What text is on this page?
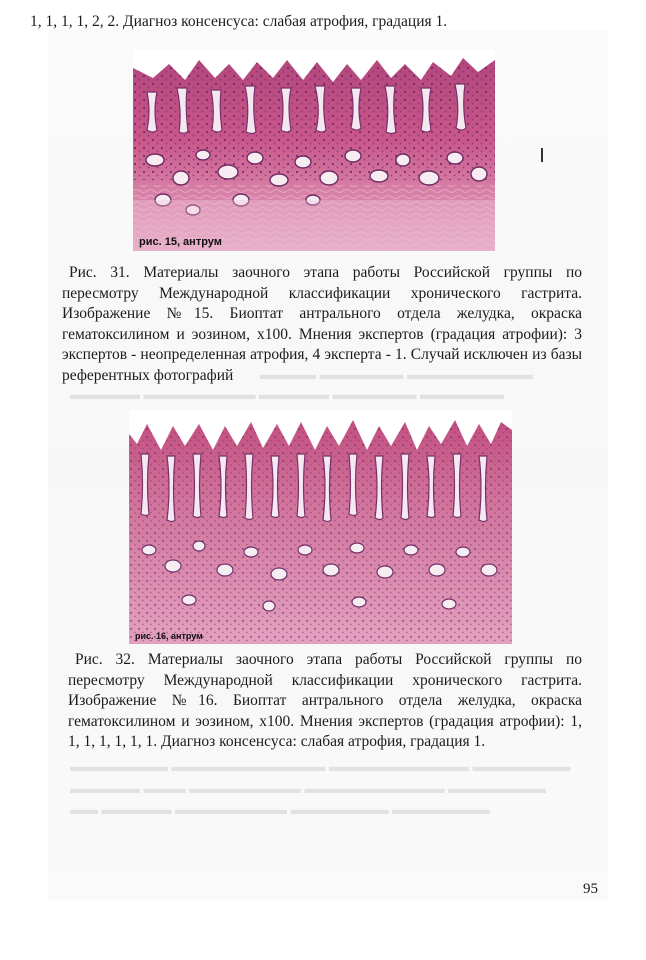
▬▬▬▬ ▬▬▬▬▬▬ ▬▬▬▬▬▬▬▬▬
▬▬▬▬▬ ▬▬▬▬▬▬▬▬ ▬▬▬▬▬ ▬▬▬▬▬▬ ▬▬▬▬▬▬
▬▬▬▬▬▬▬ ▬▬▬▬▬▬▬▬▬▬▬ ▬▬▬▬▬▬▬▬▬▬ ▬▬▬▬▬▬▬
▬▬▬▬▬ ▬▬▬ ▬▬▬▬▬▬▬▬ ▬▬▬▬▬▬▬▬▬▬ ▬▬▬▬▬▬▬
▬▬ ▬▬▬▬▬ ▬▬▬▬▬▬▬▬ ▬▬▬▬▬▬▬ ▬▬▬▬▬▬▬
1, 1, 1, 1, 2, 2. Диагноз консенсуса: слабая атрофия, градация 1.
рис. 15, антрум
Рис. 31. Материалы заочного этапа работы Российской группы по пересмотру Международной классификации хронического гастрита. Изображение №15. Биоптат антрального отдела желудка, окраска гематоксилином и эозином, х100. Мнения экспертов (градация атрофии): 3 экспертов - неопределенная атрофия, 4 эксперта - 1. Случай исключен из базы референтных фотографий
рис. 16, антрум
Рис. 32. Материалы заочного этапа работы Российской группы по пересмотру Международной классификации хронического гастрита. Изображение №16. Биоптат антрального отдела желудка, окраска гематоксилином и эозином, х100. Мнения экспертов (градация атрофии): 1, 1, 1, 1, 1, 1, 1. Диагноз консенсуса: слабая атрофия, градация 1.
95
